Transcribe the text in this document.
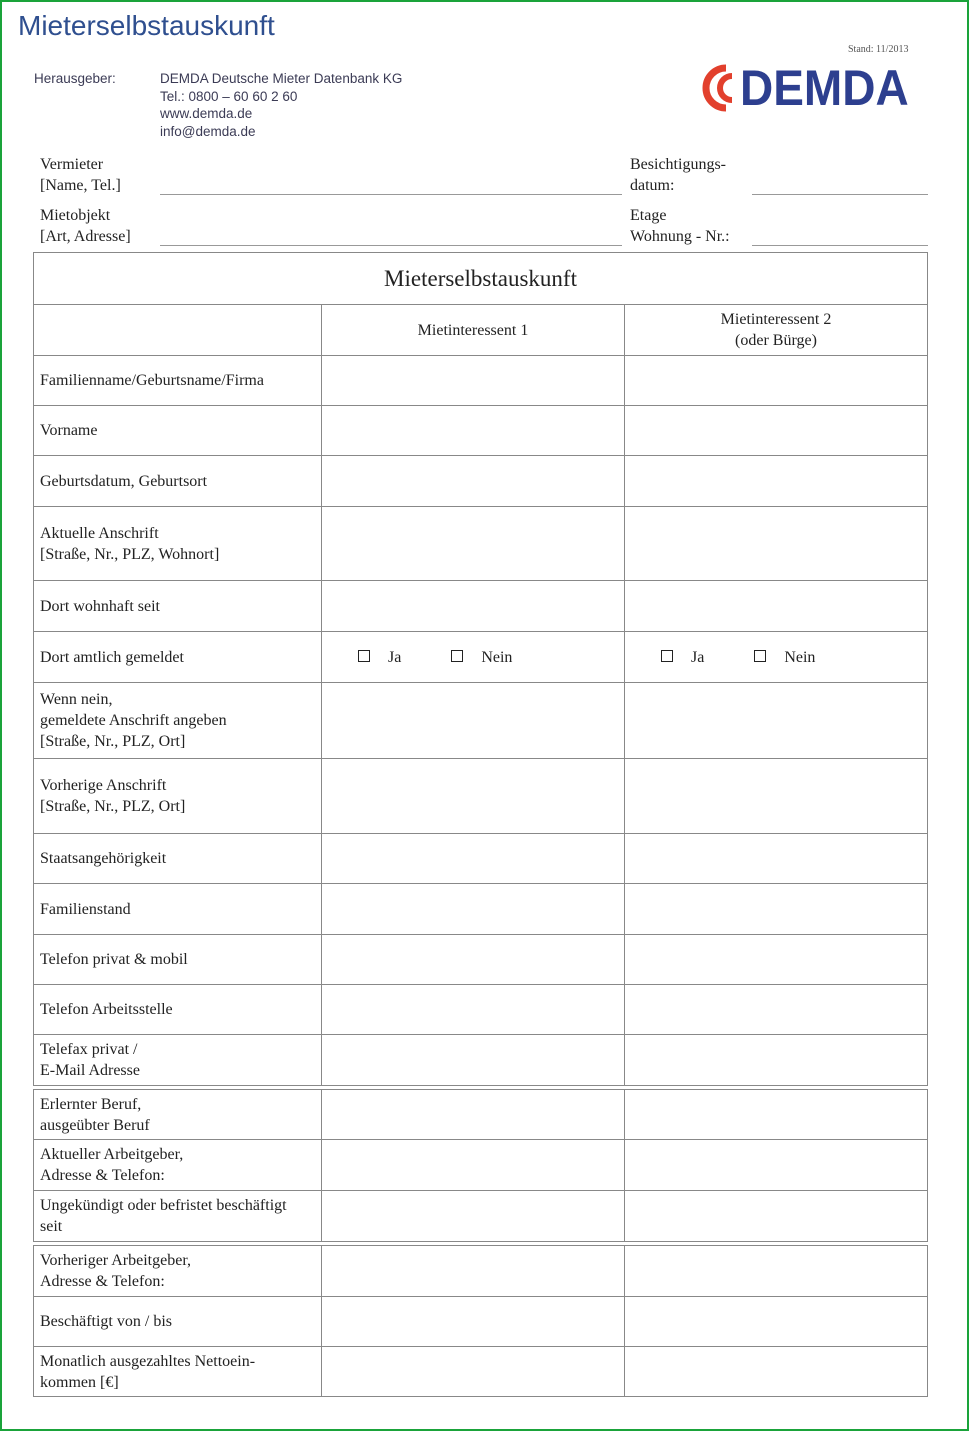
Mieterselbstauskunft
Stand: 11/2013
Herausgeber:	DEMDA Deutsche Mieter Datenbank KG
Tel.: 0800 – 60 60 2 60
www.demda.de
info@demda.de
DEMDA
Vermieter
[Name, Tel.]
Mietobjekt
[Art, Adresse]
Besichtigungs-
datum:
Etage
Wohnung - Nr.:
Mieterselbstauskunft		
	Mietinteressent 1	Mietinteressent 2
(oder Bürge)

Familienname/Geburtsname/Firma		
Vorname		
Geburtsdatum, Geburtsort		

Aktuelle Anschrift
[Straße, Nr., PLZ, Wohnort]		

Dort wohnhaft seit		
Dort amtlich gemeldet	Ja Nein	Ja Nein

Wenn nein,
gemeldete Anschrift angeben
[Straße, Nr., PLZ, Ort]		

Vorherige Anschrift
[Straße, Nr., PLZ, Ort]		

Staatsangehörigkeit		
Familienstand		
Telefon privat & mobil		
Telefon Arbeitsstelle		

Telefax privat /
E-Mail Adresse		

Erlernter Beruf,
ausgeübter Beruf		

Aktueller Arbeitgeber,
Adresse & Telefon:		

Ungekündigt oder befristet beschäftigt
seit		

Vorheriger Arbeitgeber,
Adresse & Telefon:		

Beschäftigt von / bis		

Monatlich ausgezahltes Nettoein-
kommen [€]		
